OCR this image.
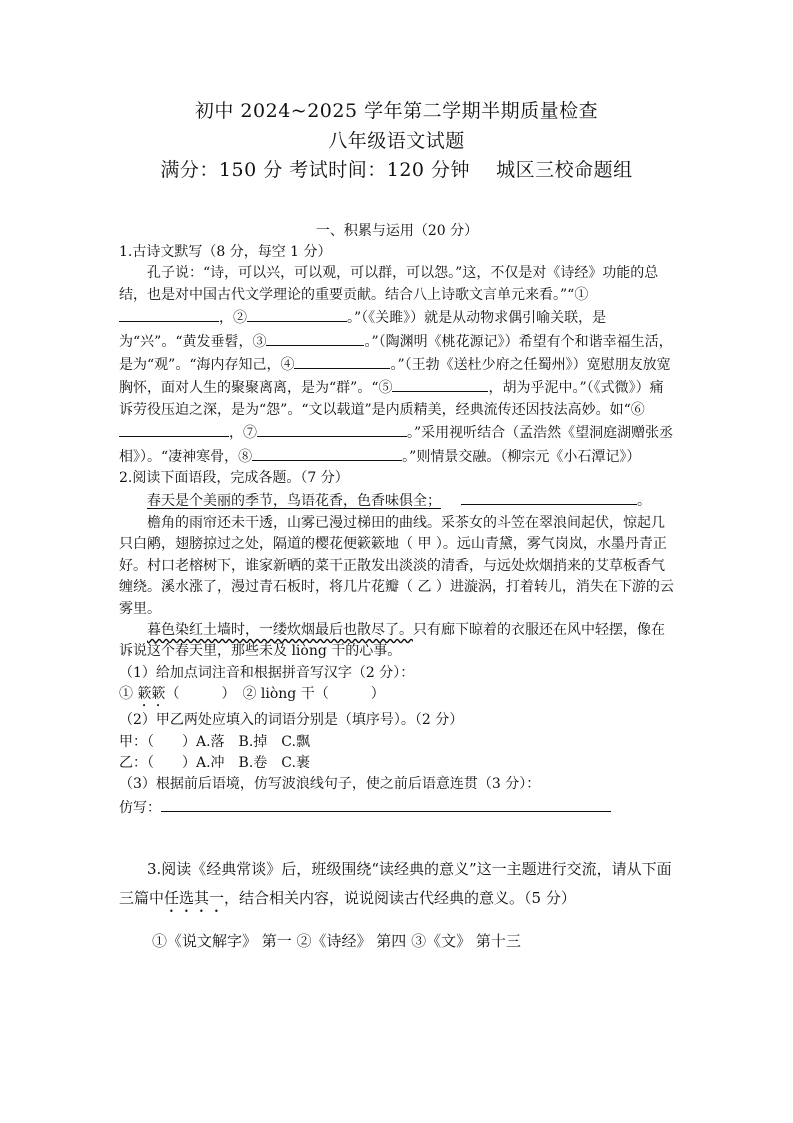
初中 2024~2025 学年第二学期半期质量检查
八年级语文试题
满分：150 分 考试时间：120 分钟　 城区三校命题组
一、积累与运用（20 分）

1.古诗文默写（8 分，每空 1 分）

孔子说：“诗，可以兴，可以观，可以群，可以怨。”这，不仅是对《诗经》功能的总结，也是对中国古代文学理论的重要贡献。结合八上诗歌文言单元来看。”“①，②	。”（《关雎》）就是从动物求偶引喻关联，是为“兴”。“黄发垂髫，③	。”（陶渊明《桃花源记》）希望有个和谐幸福生活，是为“观”。“海内存知己，④	。”（王勃《送杜少府之任蜀州》）宽慰朋友放宽胸怀，面对人生的聚聚离离，是为“群”。“⑤	，胡为乎泥中。”（《式微》）痛诉劳役压迫之深，是为“怨”。“文以载道”是内质精美，经典流传还因技法高妙。如“⑥，⑦	。”采用视听结合（孟浩然《望洞庭湖赠张丞相》）。“凄神寒骨，⑧	。”则情景交融。（柳宗元《小石潭记》）

2.阅读下面语段，完成各题。（7 分）

春天是个美丽的季节，鸟语花香，色香味俱全；	。

檐角的雨帘还未干透，山雾已漫过梯田的曲线。采茶女的斗笠在翠浪间起伏，惊起几只白鹇，翅膀掠过之处，隔道的樱花便簌簌地（ 甲 ）。远山青黛，雾气岗岚，水墨丹青正好。村口老榕树下，谁家新晒的菜干正散发出淡淡的清香，与远处炊烟捎来的艾草板香气缠绕。溪水涨了，漫过青石板时，将几片花瓣（ 乙 ）进漩涡，打着转儿，消失在下游的云雾里。

暮色染红土墙时，一缕炊烟最后也散尽了。只有廊下晾着的衣服还在风中轻摆，像在诉说这个春天里，那些未及 liòng 干的心事。

（1）给加点词注音和根据拼音写汉字（2 分）：

① 簌簌（　　　）　② liòng 干（　　　）

（2）甲乙两处应填入的词语分别是（填序号）。（2 分）

甲：（　　）A.落　B.掉　C.飘

乙：（　　）A.冲　B.卷　C.裹

（3）根据前后语境，仿写波浪线句子，使之前后语意连贯（3 分）：

仿写：

3.阅读《经典常谈》后，班级围绕“读经典的意义”这一主题进行交流，请从下面三篇中任选其一，结合相关内容，说说阅读古代经典的意义。（5 分）

①《说文解字》 第一 ②《诗经》 第四 ③《文》 第十三
